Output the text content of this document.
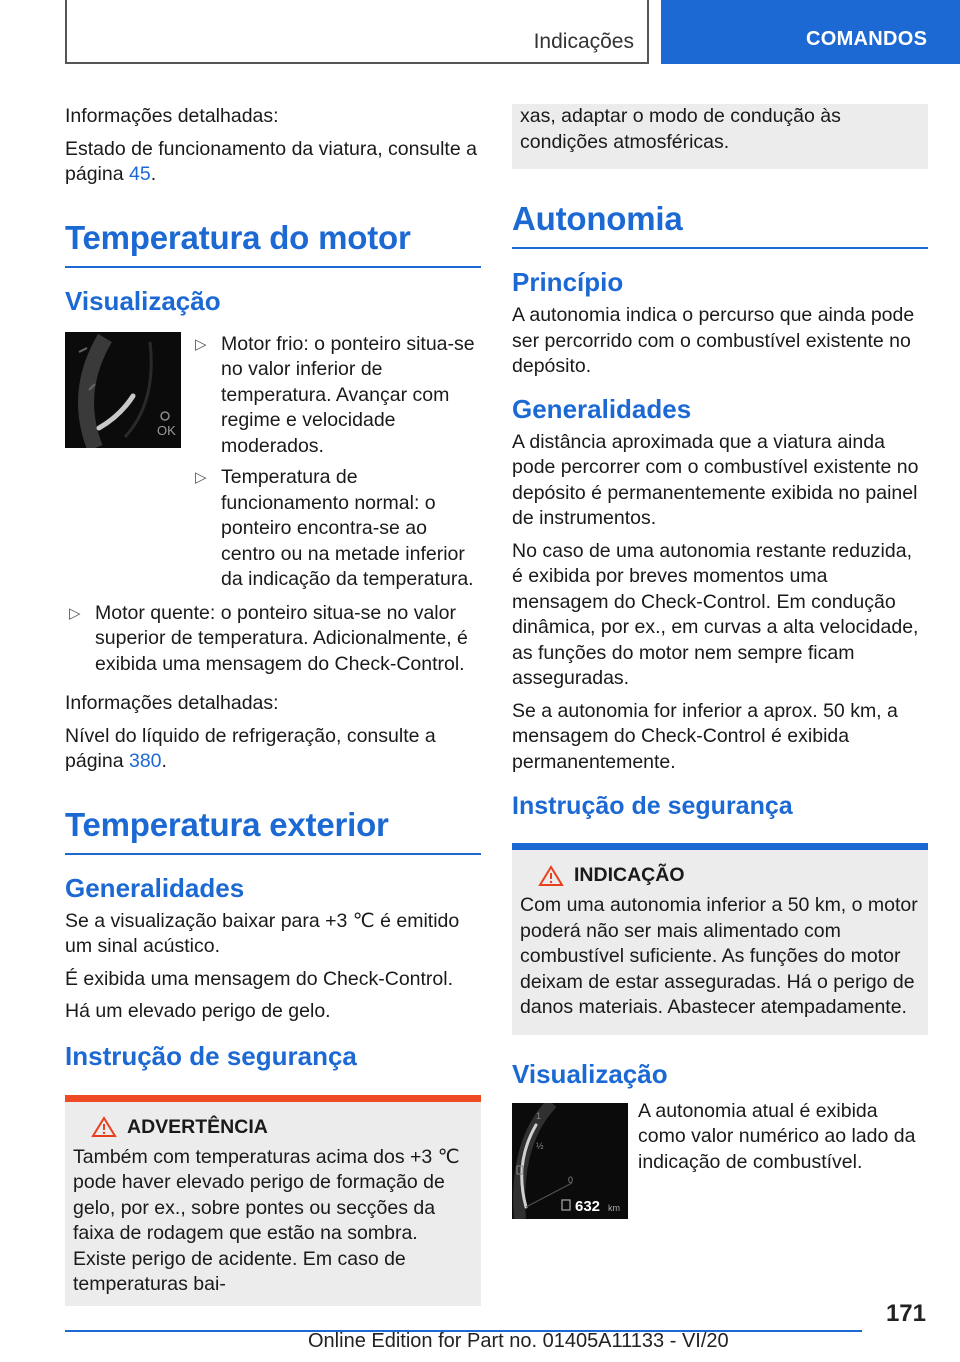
Indicações	COMANDOS

Informações detalhadas:

Estado de funcionamento da viatura, consulte a página 45.

Temperatura do motor
Visualização
OK
▷ Motor frio: o ponteiro situa-se no valor inferior de temperatura. Avançar com regime e velocidade moderados.
▷ Temperatura de funcionamento normal: o ponteiro encontra-se ao centro ou na metade inferior da indicação da temperatura.
▷ Motor quente: o ponteiro situa-se no valor superior de temperatura. Adicionalmente, é exibida uma mensagem do Check-Control.

Informações detalhadas:

Nível do líquido de refrigeração, consulte a página 380.

Temperatura exterior
Generalidades

Se a visualização baixar para +3 ℃ é emitido um sinal acústico.

É exibida uma mensagem do Check-Control.

Há um elevado perigo de gelo.

Instrução de segurança
ADVERTÊNCIA

Também com temperaturas acima dos +3 ℃ pode haver elevado perigo de formação de gelo, por ex., sobre pontes ou secções da faixa de rodagem que estão na sombra. Existe perigo de acidente. Em caso de temperaturas bai-

xas, adaptar o modo de condução às condições atmosféricas.

Autonomia
Princípio

A autonomia indica o percurso que ainda pode ser percorrido com o combustível existente no depósito.

Generalidades

A distância aproximada que a viatura ainda pode percorrer com o combustível existente no depósito é permanentemente exibida no painel de instrumentos.

No caso de uma autonomia restante reduzida, é exibida por breves momentos uma mensagem do Check-Control. Em condução dinâmica, por ex., em curvas a alta velocidade, as funções do motor nem sempre ficam asseguradas.

Se a autonomia for inferior a aprox. 50 km, a mensagem do Check-Control é exibida permanentemente.

Instrução de segurança
INDICAÇÃO

Com uma autonomia inferior a 50 km, o motor poderá não ser mais alimentado com combustível suficiente. As funções do motor deixam de estar asseguradas. Há o perigo de danos materiais. Abastecer atempadamente.

Visualização
1
½
0
632 km

A autonomia atual é exibida como valor numérico ao lado da indicação de combustível.

171
Online Edition for Part no. 01405A11133 - VI/20
